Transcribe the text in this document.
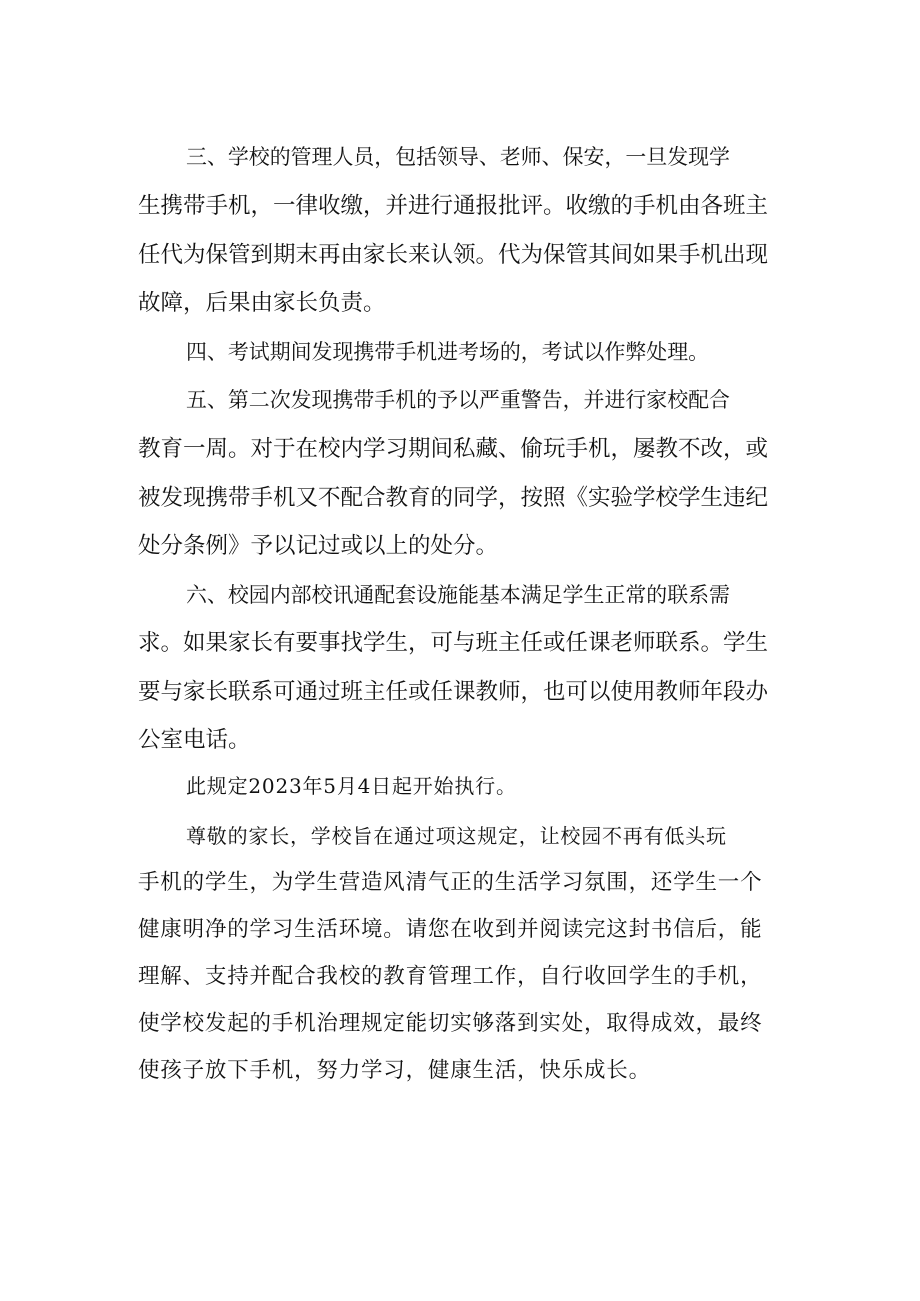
三、学校的管理人员，包括领导、老师、保安，一旦发现学

生携带手机，一律收缴，并进行通报批评。收缴的手机由各班主

任代为保管到期末再由家长来认领。代为保管其间如果手机出现

故障，后果由家长负责。

四、考试期间发现携带手机进考场的，考试以作弊处理。

五、第二次发现携带手机的予以严重警告，并进行家校配合

教育一周。对于在校内学习期间私藏、偷玩手机，屡教不改，或

被发现携带手机又不配合教育的同学，按照《实验学校学生违纪

处分条例》予以记过或以上的处分。

六、校园内部校讯通配套设施能基本满足学生正常的联系需

求。如果家长有要事找学生，可与班主任或任课老师联系。学生

要与家长联系可通过班主任或任课教师，也可以使用教师年段办

公室电话。

此规定2023年5月4日起开始执行。

尊敬的家长，学校旨在通过项这规定，让校园不再有低头玩

手机的学生，为学生营造风清气正的生活学习氛围，还学生一个

健康明净的学习生活环境。请您在收到并阅读完这封书信后，能

理解、支持并配合我校的教育管理工作，自行收回学生的手机，

使学校发起的手机治理规定能切实够落到实处，取得成效，最终

使孩子放下手机，努力学习，健康生活，快乐成长。
